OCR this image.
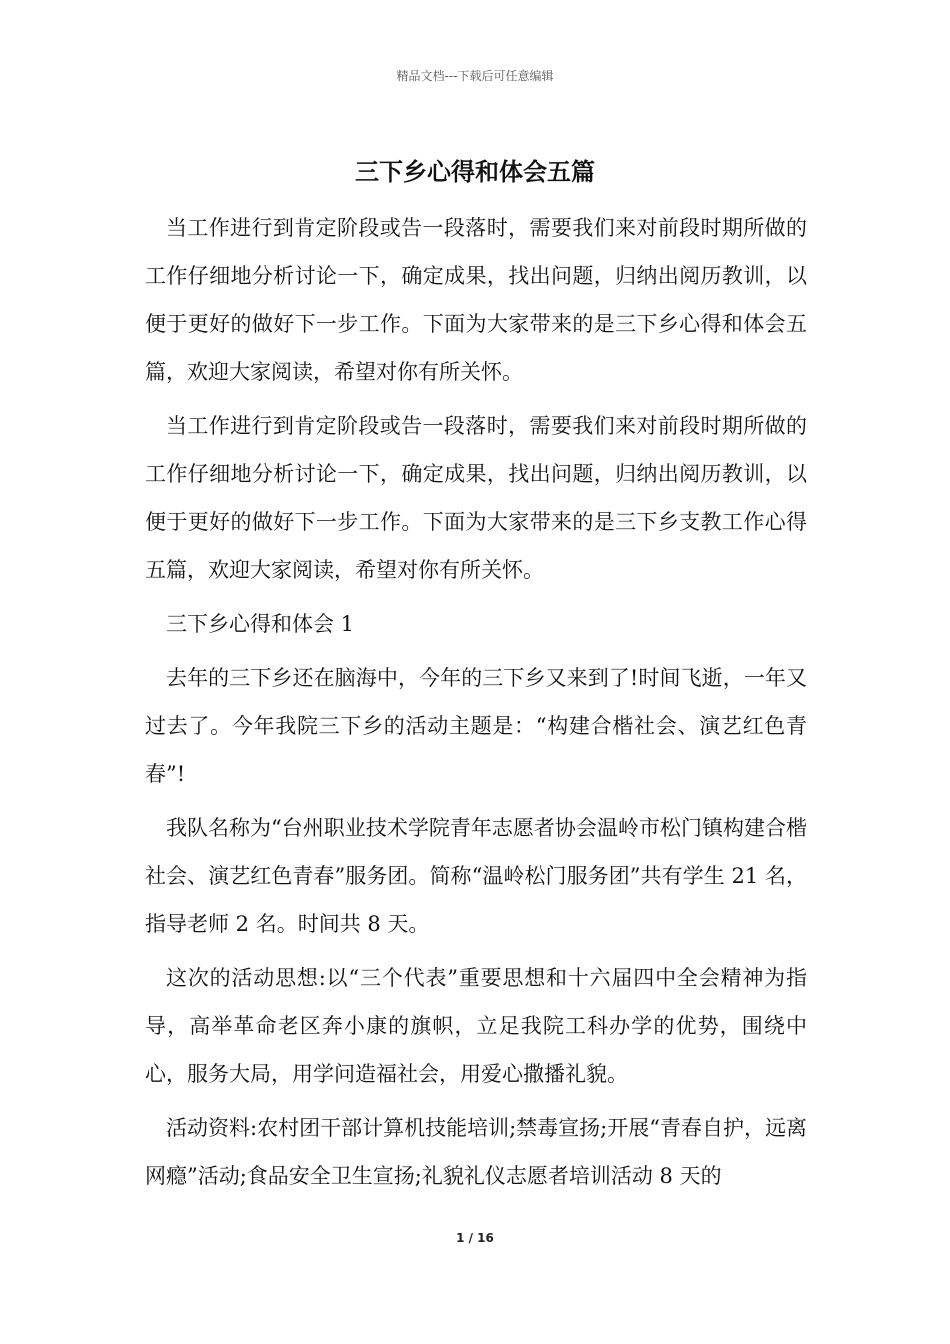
精品文档---下载后可任意编辑
三下乡心得和体会五篇

当工作进行到肯定阶段或告一段落时，需要我们来对前段时期所做的工作仔细地分析讨论一下，确定成果，找出问题，归纳出阅历教训，以便于更好的做好下一步工作。下面为大家带来的是三下乡心得和体会五篇，欢迎大家阅读，希望对你有所关怀。

当工作进行到肯定阶段或告一段落时，需要我们来对前段时期所做的工作仔细地分析讨论一下，确定成果，找出问题，归纳出阅历教训，以便于更好的做好下一步工作。下面为大家带来的是三下乡支教工作心得五篇，欢迎大家阅读，希望对你有所关怀。

三下乡心得和体会 1

去年的三下乡还在脑海中，今年的三下乡又来到了!时间飞逝，一年又过去了。今年我院三下乡的活动主题是：“构建合楷社会、演艺红色青春”!

我队名称为“台州职业技术学院青年志愿者协会温岭市松门镇构建合楷社会、演艺红色青春”服务团。简称“温岭松门服务团”共有学生 21 名，指导老师 2 名。时间共 8 天。

这次的活动思想:以“三个代表”重要思想和十六届四中全会精神为指导，高举革命老区奔小康的旗帜，立足我院工科办学的优势，围绕中心，服务大局，用学问造福社会，用爱心撒播礼貌。

活动资料:农村团干部计算机技能培训;禁毒宣扬;开展“青春自护，远离网瘾”活动;食品安全卫生宣扬;礼貌礼仪志愿者培训活动 8 天的

1 / 16
